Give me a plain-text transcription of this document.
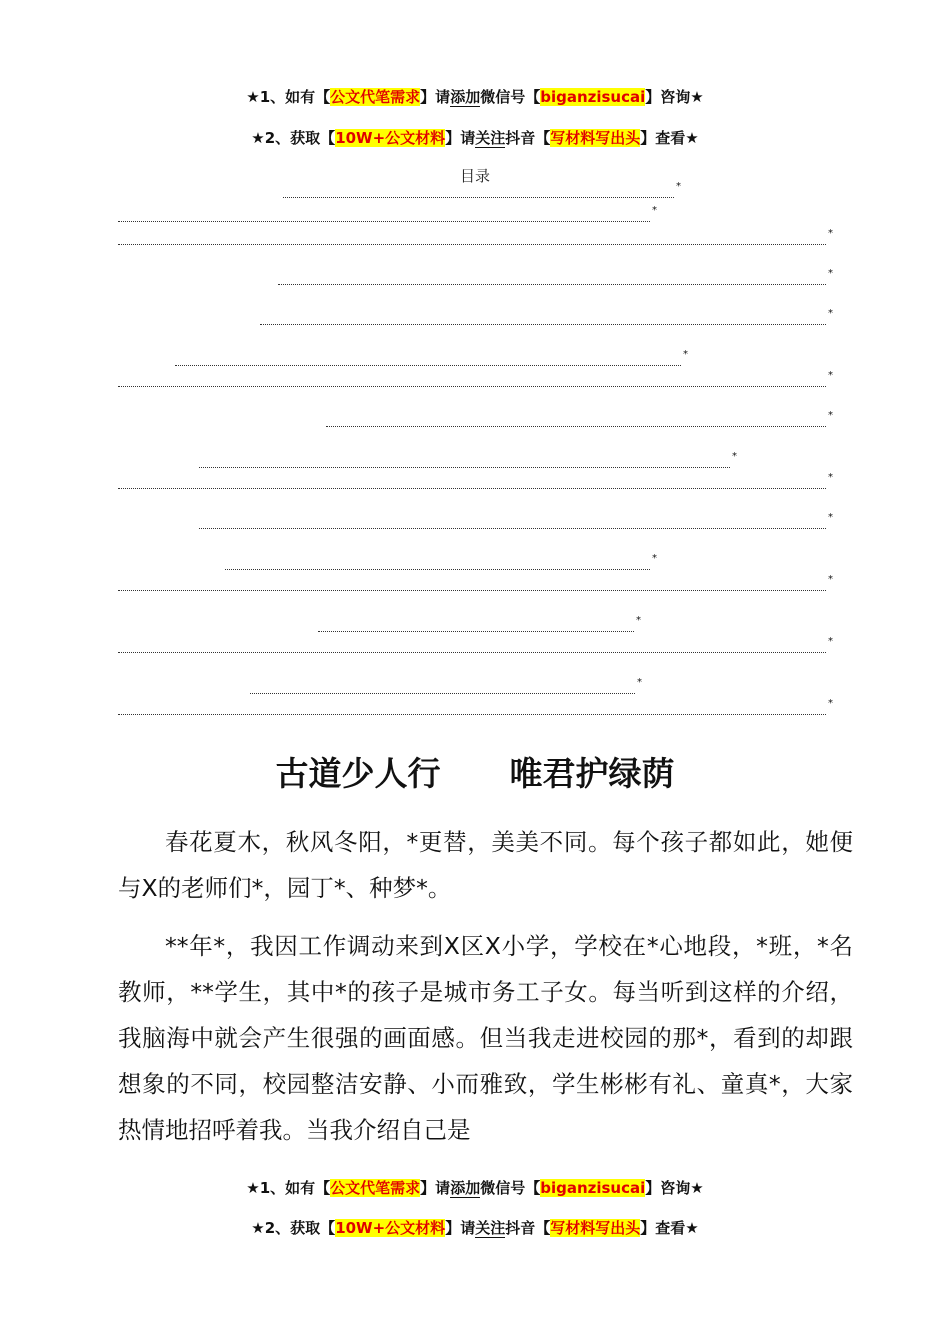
★1、如有【公文代笔需求】请添加微信号【biganzisucai】咨询★
★2、获取【10W+公文材料】请关注抖音【写材料写出头】查看★
目录
*
*
*
*
*
*
*
*
*
*
*
*
*
*
*
*
*
古道少人行      唯君护绿荫

春花夏木，秋风冬阳，*更替，美美不同。每个孩子都如此，她便与X的老师们*，园丁*、种梦*。

**年*，我因工作调动来到X区X小学，学校在*心地段，*班，*名教师，**学生，其中*的孩子是城市务工子女。每当听到这样的介绍，我脑海中就会产生很强的画面感。但当我走进校园的那*，看到的却跟想象的不同，校园整洁安静、小而雅致，学生彬彬有礼、童真*，大家热情地招呼着我。当我介绍自己是

★1、如有【公文代笔需求】请添加微信号【biganzisucai】咨询★
★2、获取【10W+公文材料】请关注抖音【写材料写出头】查看★
